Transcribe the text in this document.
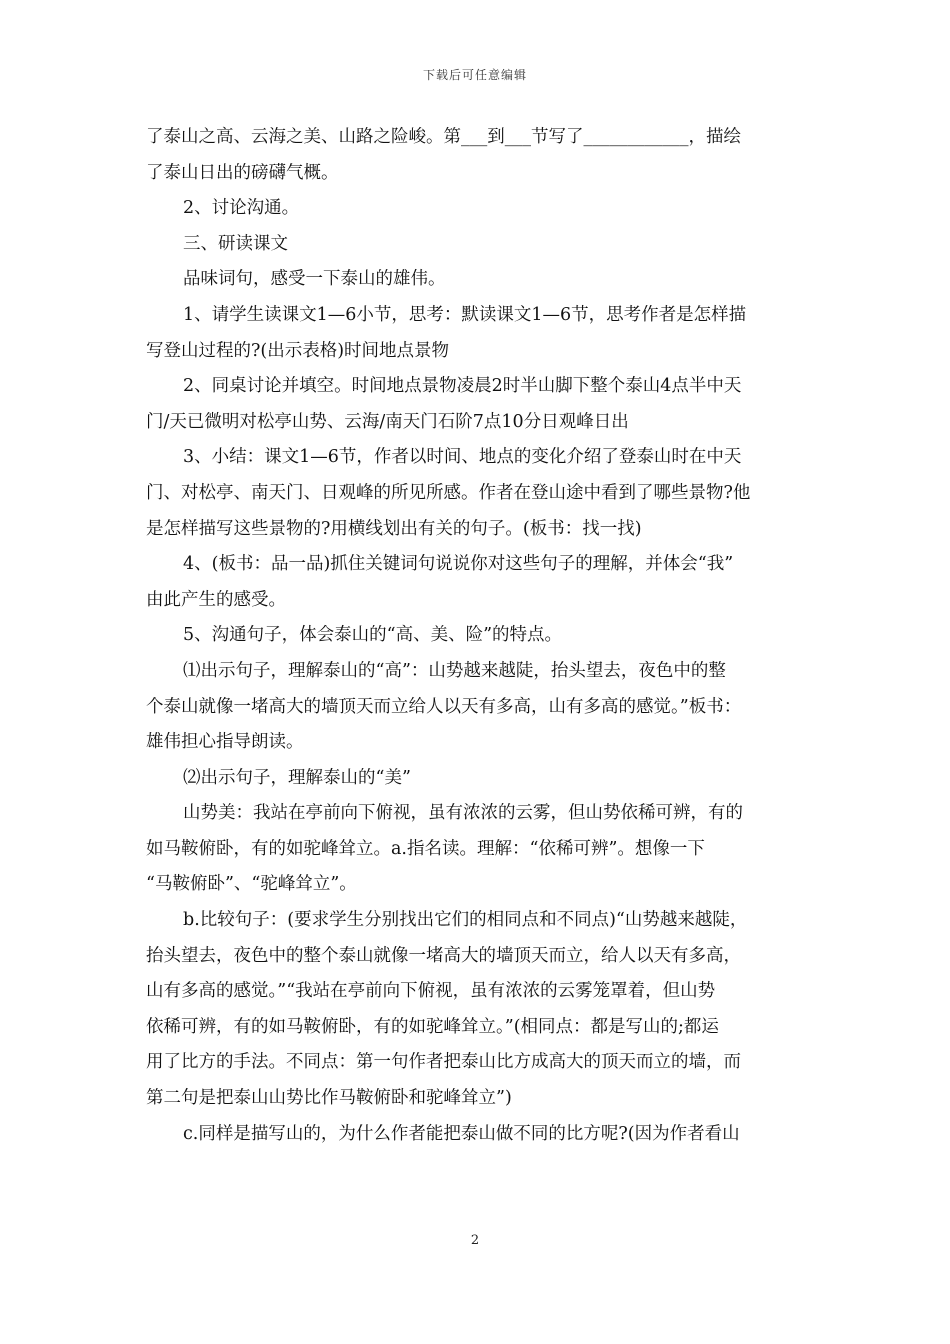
下载后可任意编辑
了泰山之高、云海之美、山路之险峻。第___到___节写了____________，描绘
了泰山日出的磅礴气概。
2、讨论沟通。
三、研读课文
品味词句，感受一下泰山的雄伟。
1、请学生读课文1—6小节，思考：默读课文1—6节，思考作者是怎样描
写登山过程的?(出示表格)时间地点景物
2、同桌讨论并填空。时间地点景物凌晨2时半山脚下整个泰山4点半中天
门/天已微明对松亭山势、云海/南天门石阶7点10分日观峰日出
3、小结：课文1—6节，作者以时间、地点的变化介绍了登泰山时在中天
门、对松亭、南天门、日观峰的所见所感。作者在登山途中看到了哪些景物?他
是怎样描写这些景物的?用横线划出有关的句子。(板书：找一找)
4、(板书：品一品)抓住关键词句说说你对这些句子的理解，并体会“我”
由此产生的感受。
5、沟通句子，体会泰山的“高、美、险”的特点。
⑴出示句子，理解泰山的“高”：山势越来越陡，抬头望去，夜色中的整
个泰山就像一堵高大的墙顶天而立给人以天有多高，山有多高的感觉。”板书：
雄伟担心指导朗读。
⑵出示句子，理解泰山的“美”
山势美：我站在亭前向下俯视，虽有浓浓的云雾，但山势依稀可辨，有的
如马鞍俯卧，有的如驼峰耸立。a.指名读。理解：“依稀可辨”。想像一下
“马鞍俯卧”、“驼峰耸立”。
b.比较句子：(要求学生分别找出它们的相同点和不同点)“山势越来越陡，
抬头望去，夜色中的整个泰山就像一堵高大的墙顶天而立，给人以天有多高，
山有多高的感觉。”“我站在亭前向下俯视，虽有浓浓的云雾笼罩着，但山势
依稀可辨，有的如马鞍俯卧，有的如驼峰耸立。”(相同点：都是写山的;都运
用了比方的手法。不同点：第一句作者把泰山比方成高大的顶天而立的墙，而
第二句是把泰山山势比作马鞍俯卧和驼峰耸立”)
c.同样是描写山的，为什么作者能把泰山做不同的比方呢?(因为作者看山
2
